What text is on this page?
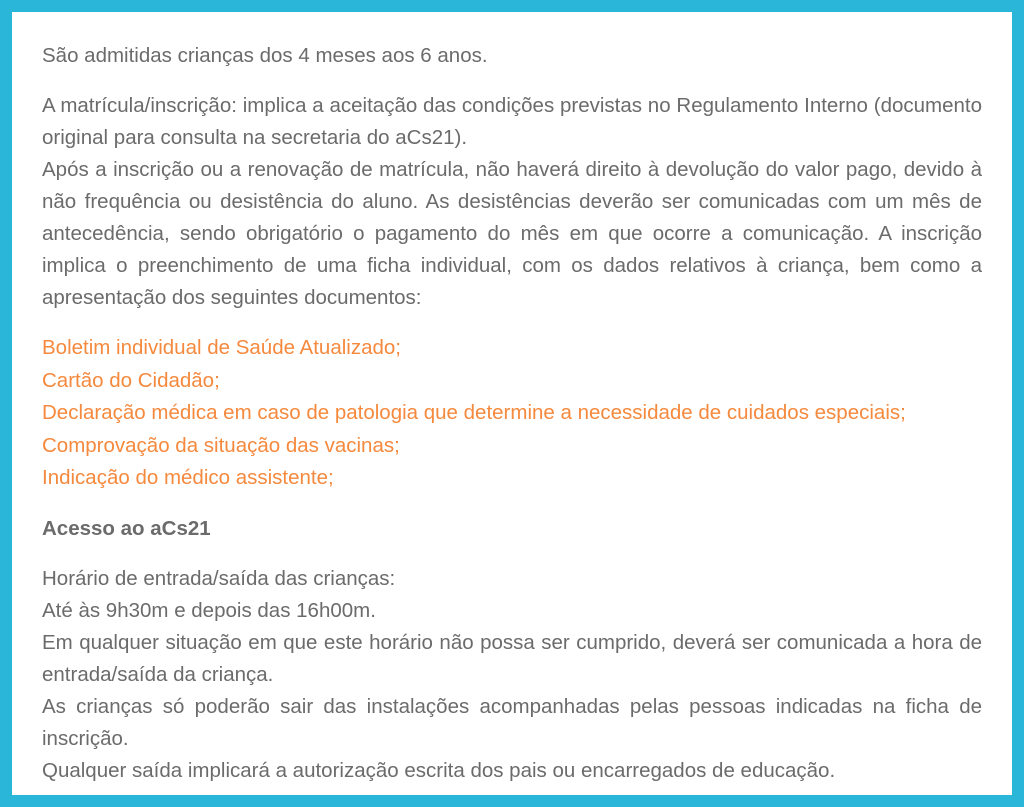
São admitidas crianças dos 4 meses aos 6 anos.

A matrícula/inscrição: implica a aceitação das condições previstas no Regulamento Interno (documento original para consulta na secretaria do aCs21).

Após a inscrição ou a renovação de matrícula, não haverá direito à devolução do valor pago, devido à não frequência ou desistência do aluno. As desistências deverão ser comunicadas com um mês de antecedência, sendo obrigatório o pagamento do mês em que ocorre a comunicação. A inscrição implica o preenchimento de uma ficha individual, com os dados relativos à criança, bem como a apresentação dos seguintes documentos:

Boletim individual de Saúde Atualizado;

Cartão do Cidadão;

Declaração médica em caso de patologia que determine a necessidade de cuidados especiais;

Comprovação da situação das vacinas;

Indicação do médico assistente;

Acesso ao aCs21

Horário de entrada/saída das crianças:

Até às 9h30m e depois das 16h00m.

Em qualquer situação em que este horário não possa ser cumprido, deverá ser comunicada a hora de entrada/saída da criança.

As crianças só poderão sair das instalações acompanhadas pelas pessoas indicadas na ficha de inscrição.

Qualquer saída implicará a autorização escrita dos pais ou encarregados de educação.
